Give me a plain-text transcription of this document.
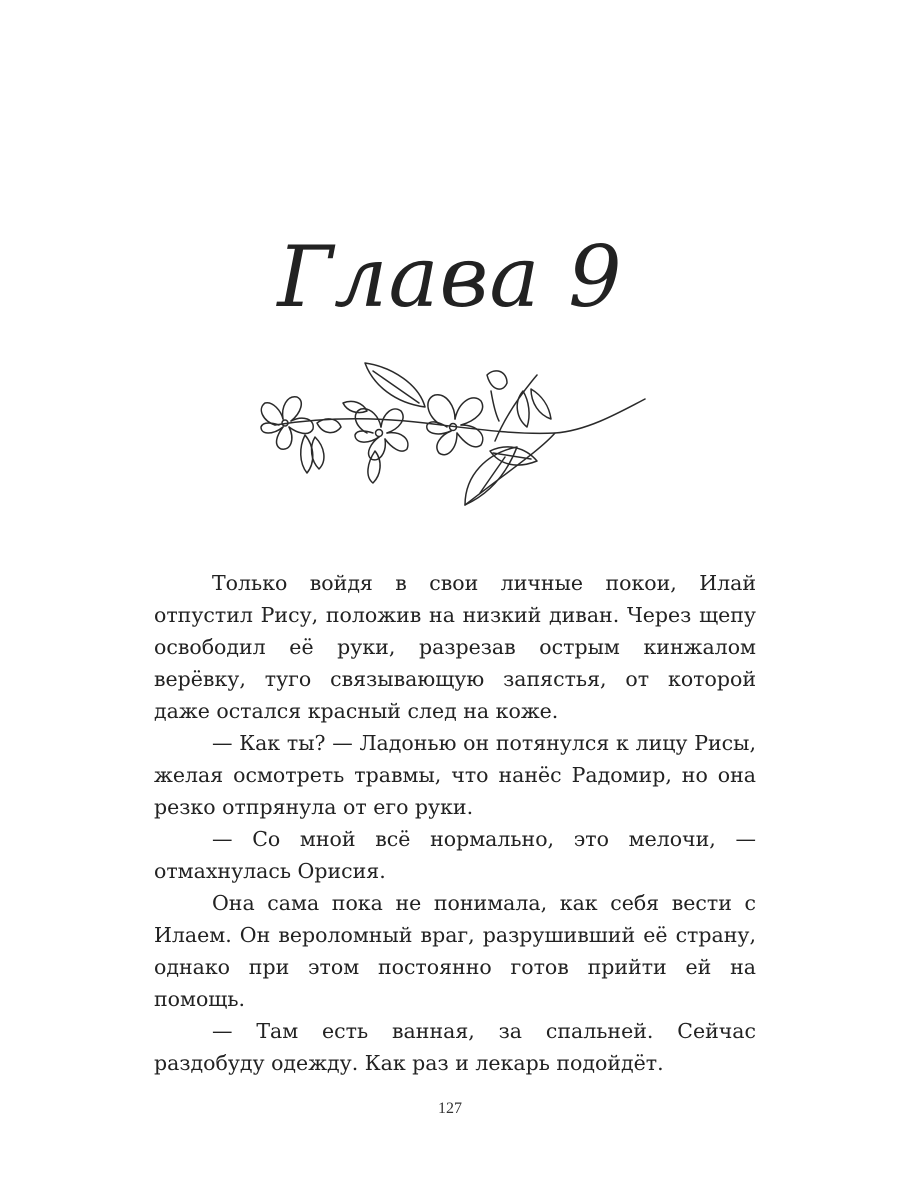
Глава 9

Только войдя в свои личные покои, Илай отпустил Рису, положив на низкий диван. Через щепу освободил её руки, разрезав острым кинжалом верёвку, туго связывающую запястья, от которой даже остался красный след на коже.

— Как ты? — Ладонью он потянулся к лицу Рисы, желая осмотреть травмы, что нанёс Радомир, но она резко отпрянула от его руки.

— Со мной всё нормально, это мелочи, — отмахнулась Орисия.

Она сама пока не понимала, как себя вести с Илаем. Он вероломный враг, разрушивший её страну, однако при этом постоянно готов прийти ей на помощь.

— Там есть ванная, за спальней. Сейчас раздобуду одежду. Как раз и лекарь подойдёт.

127
